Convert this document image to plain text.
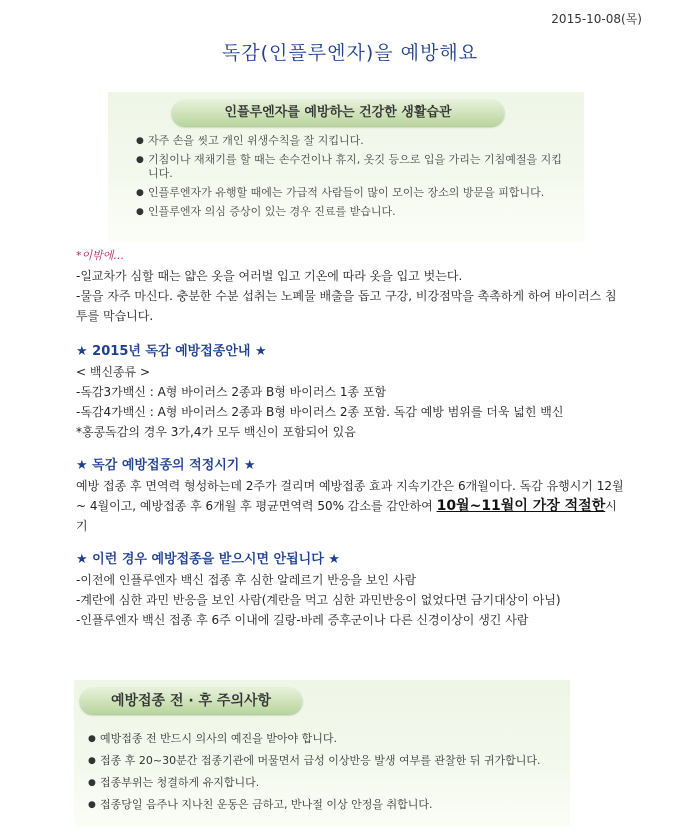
2015-10-08(목)
독감(인플루엔자)을 예방해요
인플루엔자를 예방하는 건강한 생활습관
● 자주 손을 씻고 개인 위생수칙을 잘 지킵니다.
● 기침이나 재채기를 할 때는 손수건이나 휴지, 옷깃 등으로 입을 가리는 기침예절을 지킵니다.
● 인플루엔자가 유행할 때에는 가급적 사람들이 많이 모이는 장소의 방문을 피합니다.
● 인플루엔자 의심 증상이 있는 경우 진료를 받습니다.

*이밖에…

-일교차가 심할 때는 얇은 옷을 여러벌 입고 기온에 따라 옷을 입고 벗는다.

-물을 자주 마신다. 충분한 수분 섭취는 노폐물 배출을 돕고 구강, 비강점막을 촉촉하게 하여 바이러스 침투를 막습니다.

★ 2015년 독감 예방접종안내 ★

< 백신종류 >

-독감3가백신 : A형 바이러스 2종과 B형 바이러스 1종 포함

-독감4가백신 : A형 바이러스 2종과 B형 바이러스 2종 포함. 독감 예방 범위를 더욱 넓힌 백신

*홍콩독감의 경우 3가,4가 모두 백신이 포함되어 있음

★ 독감 예방접종의 적정시기 ★

예방 접종 후 면역력 형성하는데 2주가 걸리며 예방접종 효과 지속기간은 6개월이다. 독감 유행시기 12월 ~ 4월이고, 예방접종 후 6개월 후 평균면역력 50% 감소를 감안하여 10월~11월이 가장 적절한시기

★ 이런 경우 예방접종을 받으시면 안됩니다 ★

-이전에 인플루엔자 백신 접종 후 심한 알레르기 반응을 보인 사람

-계란에 심한 과민 반응을 보인 사람(계란을 먹고 심한 과민반응이 없었다면 금기대상이 아님)

-인플루엔자 백신 접종 후 6주 이내에 길랑-바레 증후군이나 다른 신경이상이 생긴 사람

예방접종 전 · 후 주의사항
● 예방접종 전 반드시 의사의 예진을 받아야 합니다.
● 접종 후 20~30분간 접종기관에 머물면서 급성 이상반응 발생 여부를 관찰한 뒤 귀가합니다.
● 접종부위는 청결하게 유지합니다.
● 접종당일 음주나 지나친 운동은 금하고, 반나절 이상 안정을 취합니다.
